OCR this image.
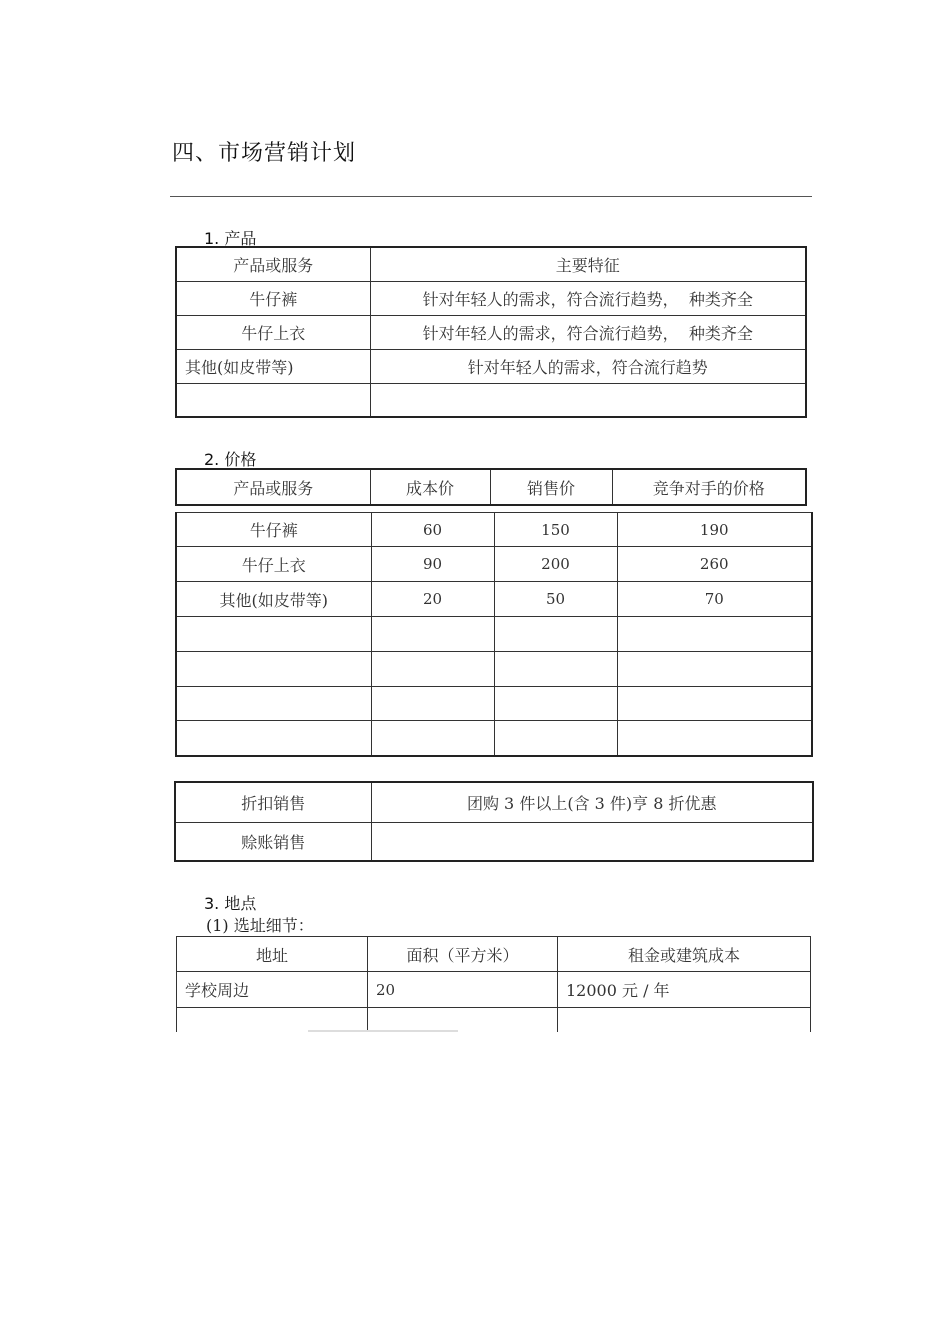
四、市场营销计划
1. 产品
产品或服务	主要特征
牛仔裤	针对年轻人的需求，符合流行趋势，  种类齐全
牛仔上衣	针对年轻人的需求，符合流行趋势，  种类齐全
其他(如皮带等)	针对年轻人的需求，符合流行趋势

2. 价格
产品或服务	成本价	销售价	竞争对手的价格
牛仔裤	60	150	190
牛仔上衣	90	200	260
其他(如皮带等)	20	50	70

折扣销售	团购 3 件以上(含 3 件)亨 8 折优惠
赊账销售	
3. 地点
(1) 选址细节：
地址	面积（平方米）	租金或建筑成本
学校周边	20	12000 元 / 年
